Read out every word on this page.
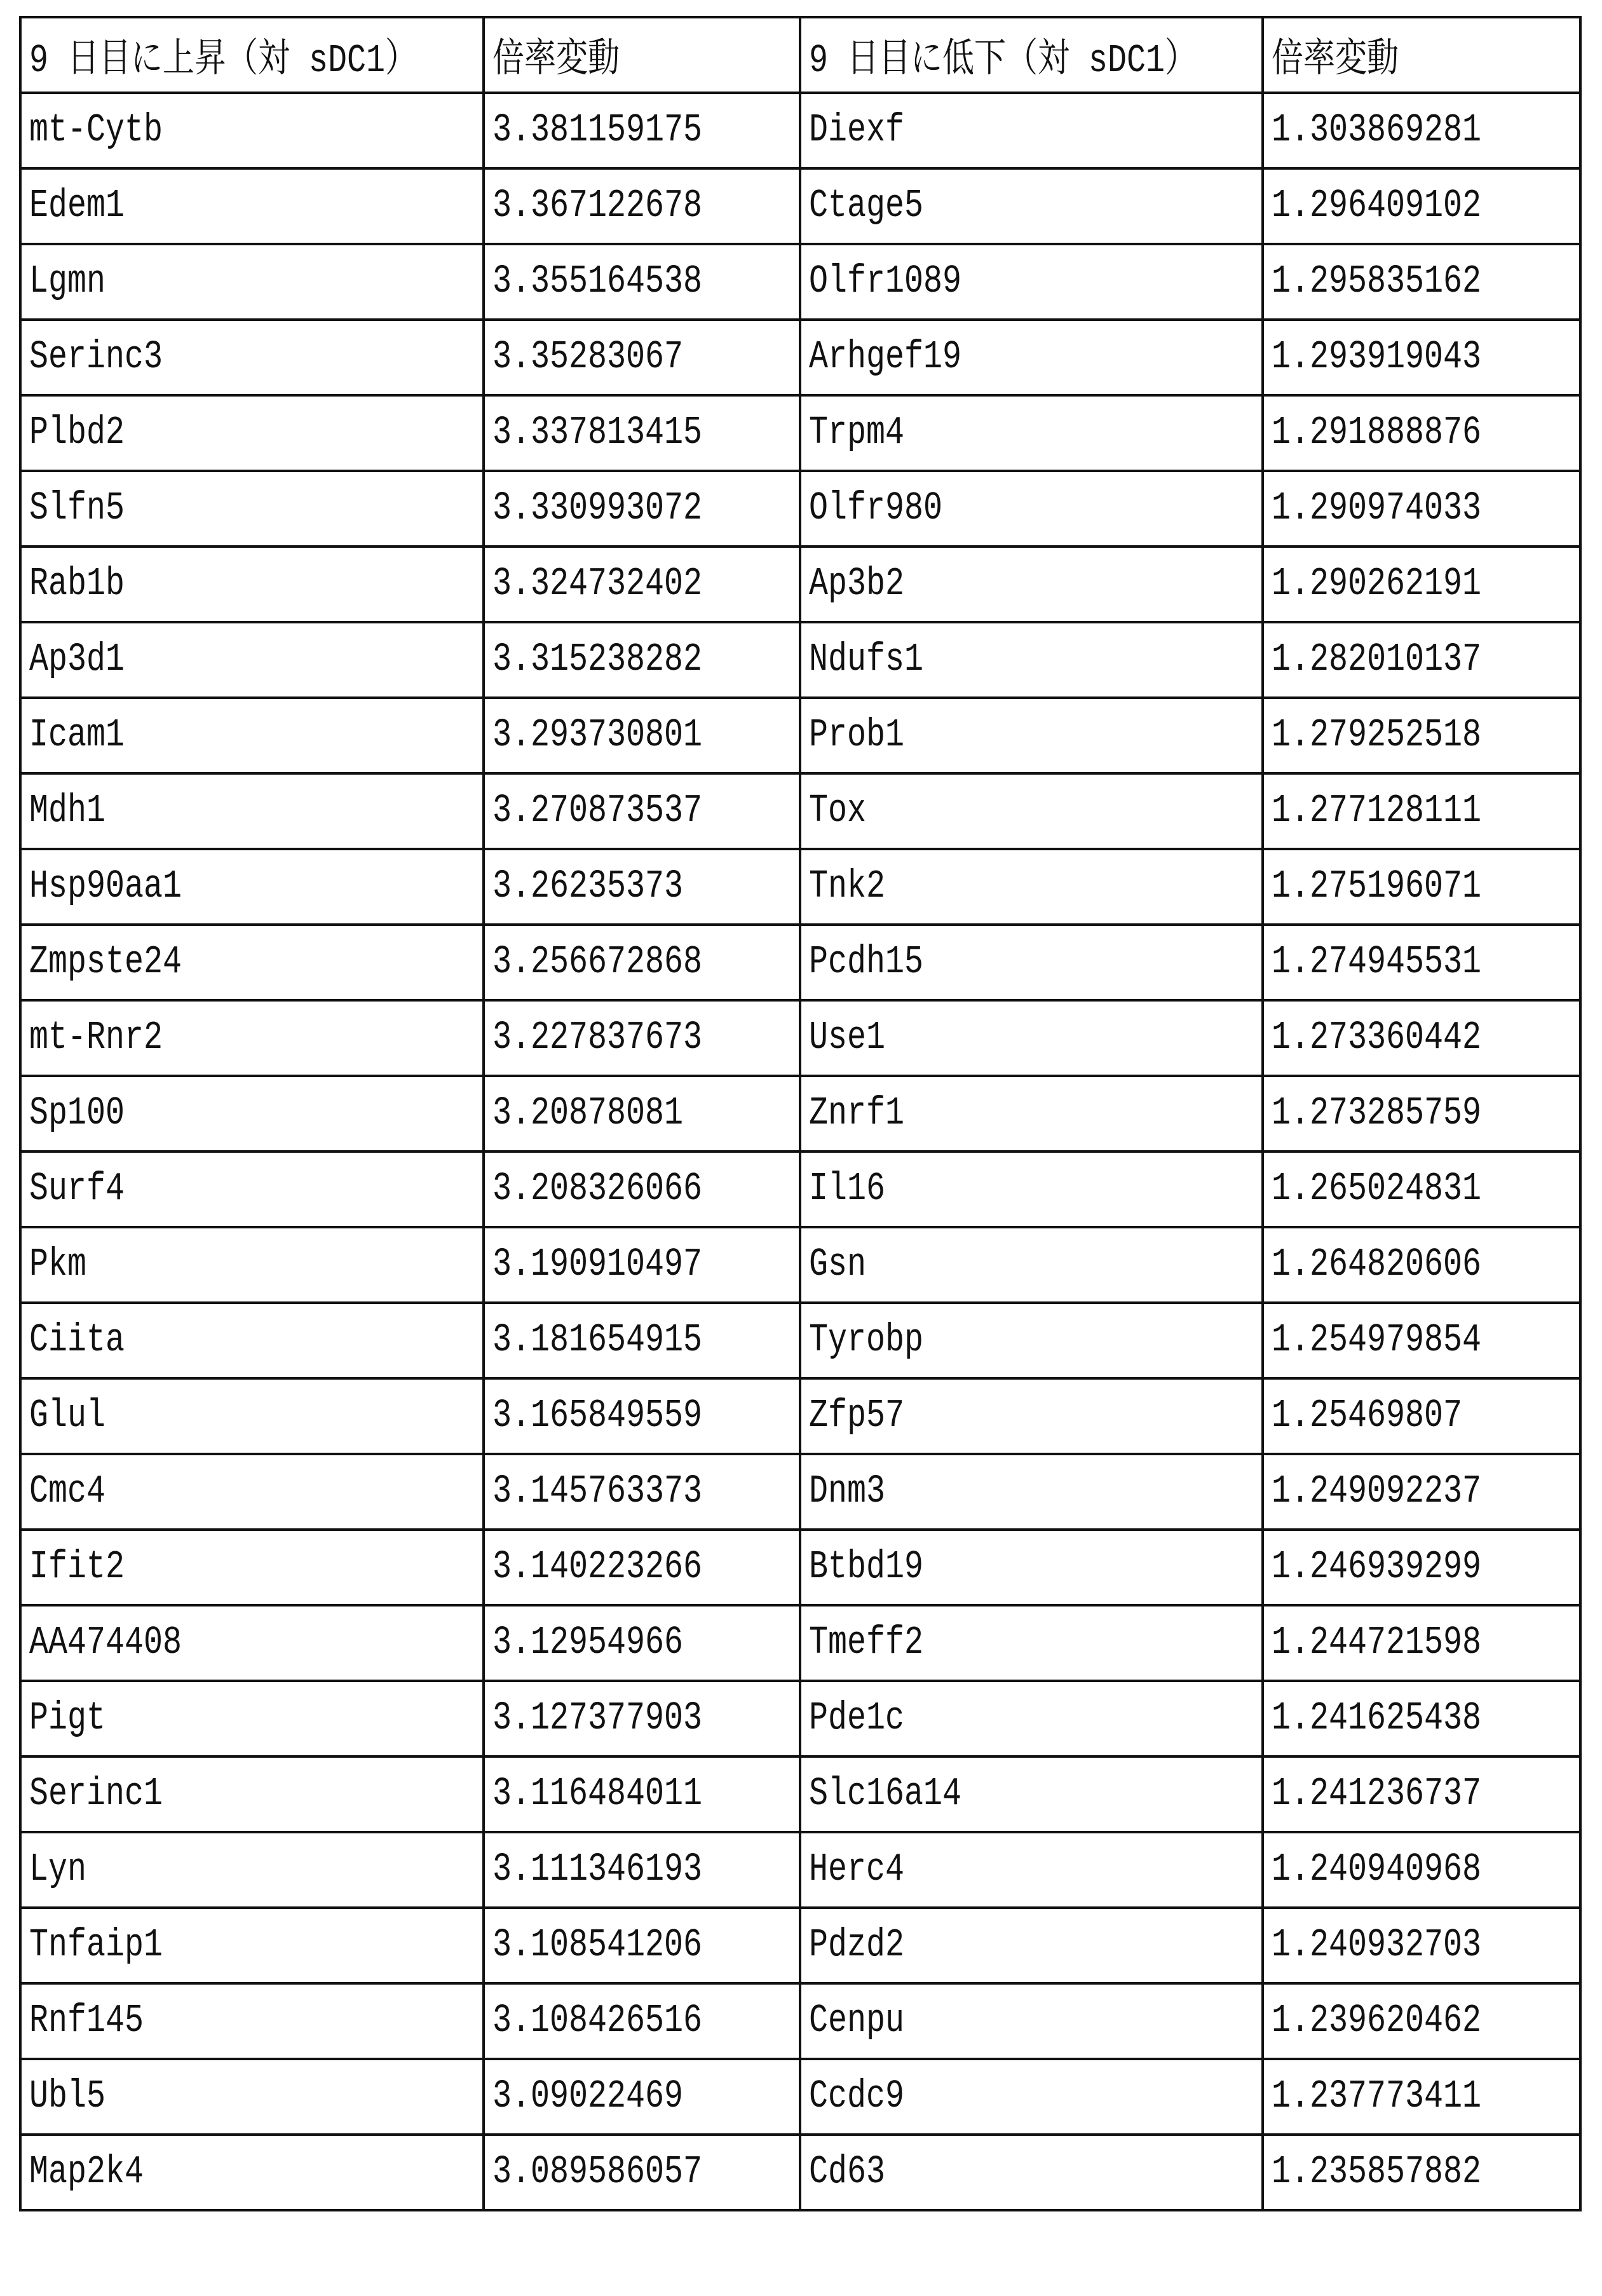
9 日目に上昇（対 sDC1）	倍率変動	9 日目に低下（対 sDC1）	倍率変動
mt-Cytb	3.381159175	Diexf	1.303869281
Edem1	3.367122678	Ctage5	1.296409102
Lgmn	3.355164538	Olfr1089	1.295835162
Serinc3	3.35283067	Arhgef19	1.293919043
Plbd2	3.337813415	Trpm4	1.291888876
Slfn5	3.330993072	Olfr980	1.290974033
Rab1b	3.324732402	Ap3b2	1.290262191
Ap3d1	3.315238282	Ndufs1	1.282010137
Icam1	3.293730801	Prob1	1.279252518
Mdh1	3.270873537	Tox	1.277128111
Hsp90aa1	3.26235373	Tnk2	1.275196071
Zmpste24	3.256672868	Pcdh15	1.274945531
mt-Rnr2	3.227837673	Use1	1.273360442
Sp100	3.20878081	Znrf1	1.273285759
Surf4	3.208326066	Il16	1.265024831
Pkm	3.190910497	Gsn	1.264820606
Ciita	3.181654915	Tyrobp	1.254979854
Glul	3.165849559	Zfp57	1.25469807
Cmc4	3.145763373	Dnm3	1.249092237
Ifit2	3.140223266	Btbd19	1.246939299
AA474408	3.12954966	Tmeff2	1.244721598
Pigt	3.127377903	Pde1c	1.241625438
Serinc1	3.116484011	Slc16a14	1.241236737
Lyn	3.111346193	Herc4	1.240940968
Tnfaip1	3.108541206	Pdzd2	1.240932703
Rnf145	3.108426516	Cenpu	1.239620462
Ubl5	3.09022469	Ccdc9	1.237773411
Map2k4	3.089586057	Cd63	1.235857882
